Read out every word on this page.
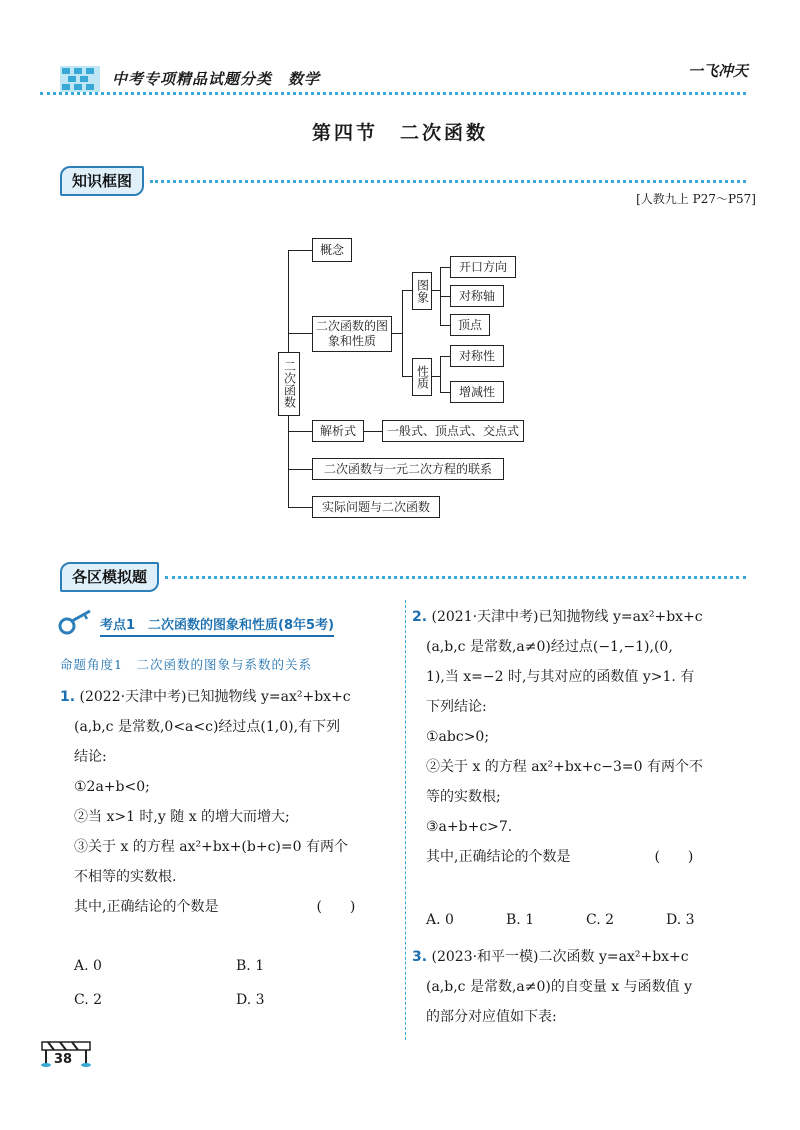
中考专项精品试题分类　数学	一飞冲天
第四节　二次函数
知识框图
[人教九上 P27～P57]
二次函数
概念
二次函数的图象和性质
图象
性质
开口方向
对称轴
顶点
对称性
增减性
解析式	一般式、顶点式、交点式
二次函数与一元二次方程的联系
实际问题与二次函数
各区模拟题
考点1　二次函数的图象和性质(8年5考)
命题角度1　二次函数的图象与系数的关系
1. (2022·天津中考)已知抛物线 y=ax²+bx+c
(a,b,c 是常数,0<a<c)经过点(1,0),有下列
结论:
①2a+b<0;
②当 x>1 时,y 随 x 的增大而增大;
③关于 x 的方程 ax²+bx+(b+c)=0 有两个
不相等的实数根.
其中,正确结论的个数是　　　　　　　(　　)
A. 0	B. 1
C. 2	D. 3
2. (2021·天津中考)已知抛物线 y=ax²+bx+c
(a,b,c 是常数,a≠0)经过点(−1,−1),(0,
1),当 x=−2 时,与其对应的函数值 y>1. 有
下列结论:
①abc>0;
②关于 x 的方程 ax²+bx+c−3=0 有两个不
等的实数根;
③a+b+c>7.
其中,正确结论的个数是　　　　　　(　　)
A. 0	B. 1	C. 2	D. 3
3. (2023·和平一模)二次函数 y=ax²+bx+c
(a,b,c 是常数,a≠0)的自变量 x 与函数值 y
的部分对应值如下表:
38
